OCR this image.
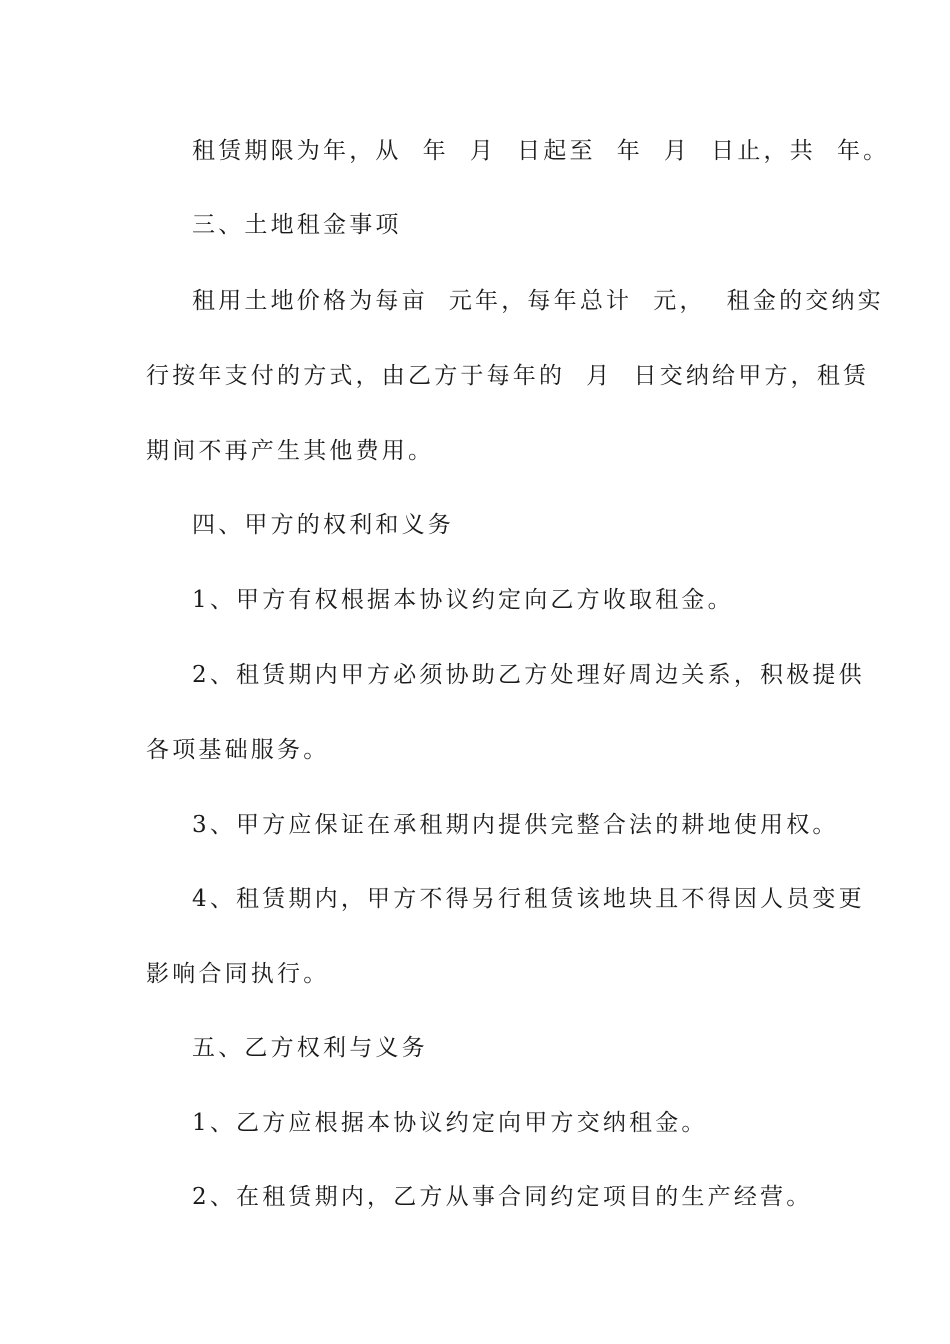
租赁期限为年，从  年  月  日起至  年  月  日止，共  年。

三、土地租金事项

租用土地价格为每亩  元年，每年总计  元，  租金的交纳实

行按年支付的方式，由乙方于每年的  月  日交纳给甲方，租赁

期间不再产生其他费用。

四、甲方的权利和义务

1、甲方有权根据本协议约定向乙方收取租金。

2、租赁期内甲方必须协助乙方处理好周边关系，积极提供

各项基础服务。

3、甲方应保证在承租期内提供完整合法的耕地使用权。

4、租赁期内，甲方不得另行租赁该地块且不得因人员变更

影响合同执行。

五、乙方权利与义务

1、乙方应根据本协议约定向甲方交纳租金。

2、在租赁期内，乙方从事合同约定项目的生产经营。
